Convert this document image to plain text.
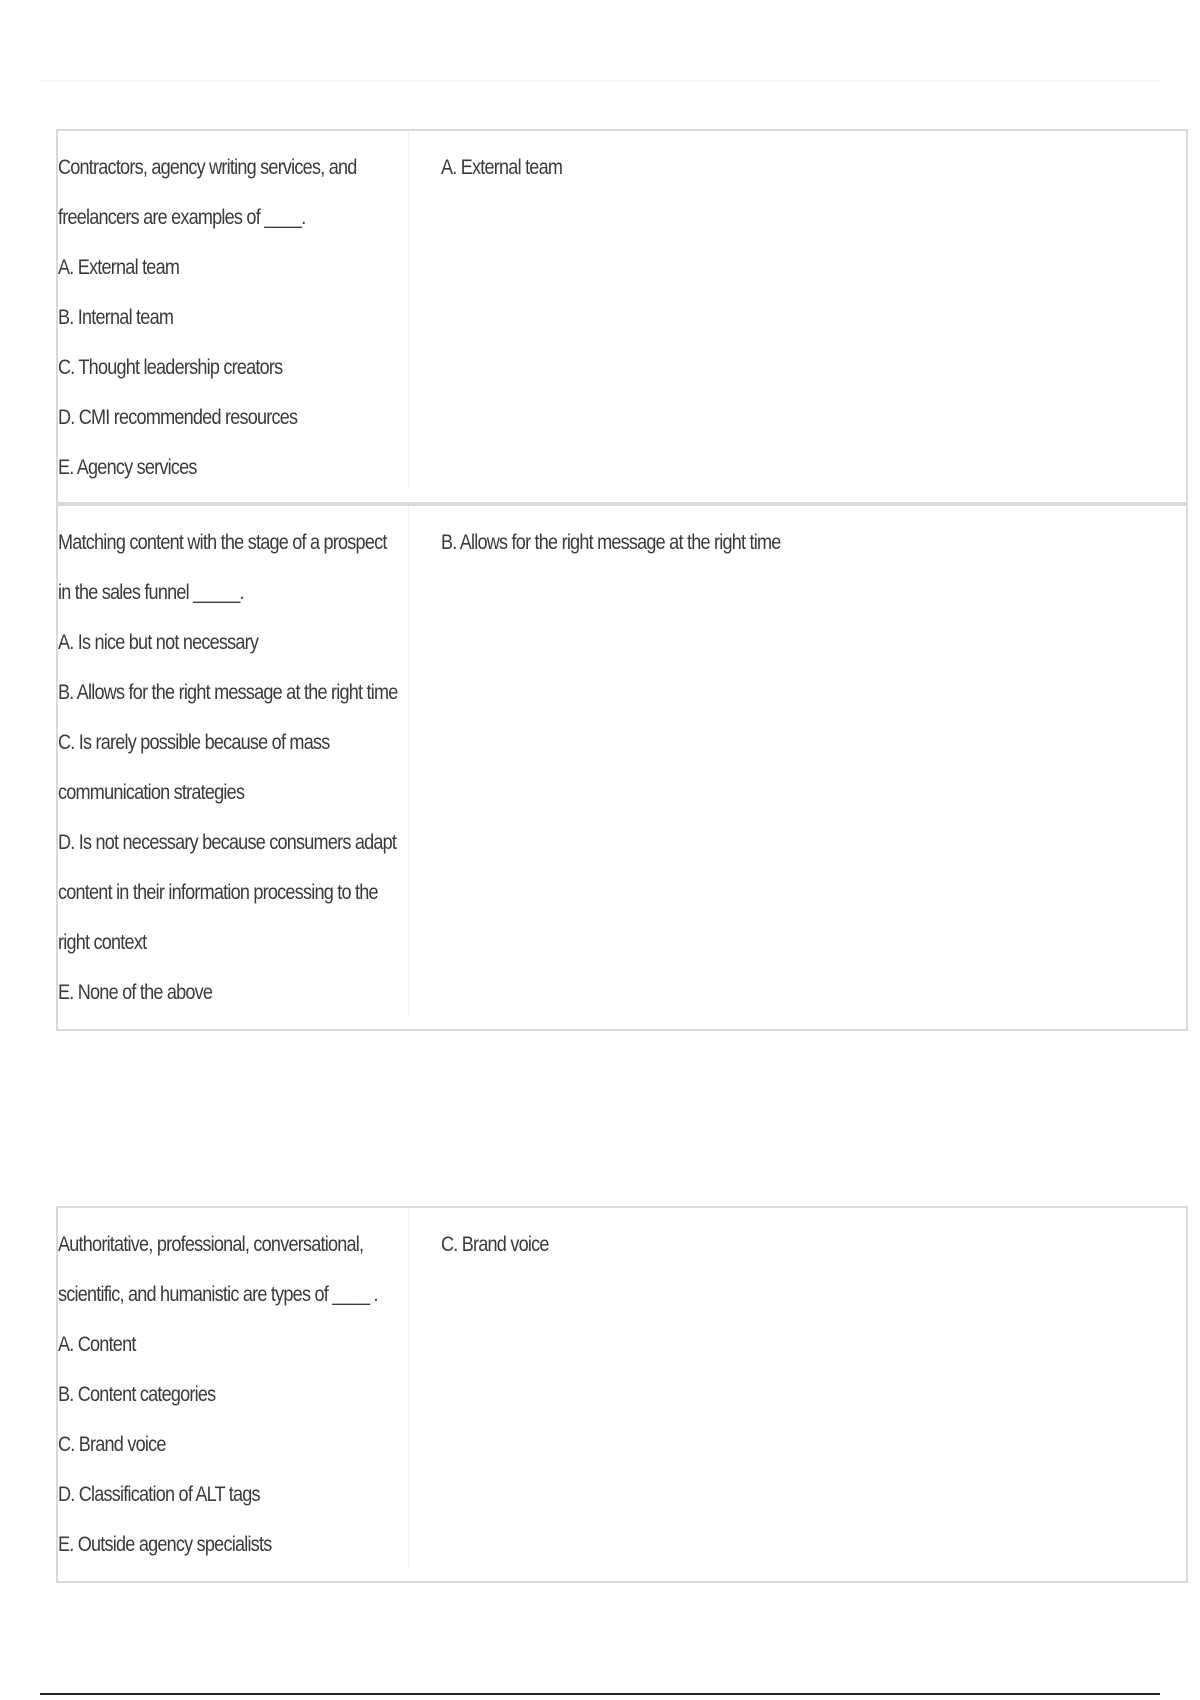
Contractors, agency writing services, and
freelancers are examples of ____.
A. External team
B. Internal team
C. Thought leadership creators
D. CMI recommended resources
E. Agency services
A. External team
Matching content with the stage of a prospect
in the sales funnel _____.
A. Is nice but not necessary
B. Allows for the right message at the right time
C. Is rarely possible because of mass
communication strategies
D. Is not necessary because consumers adapt
content in their information processing to the
right context
E. None of the above
B. Allows for the right message at the right time
Authoritative, professional, conversational,
scientific, and humanistic are types of ____ .
A. Content
B. Content categories
C. Brand voice
D. Classification of ALT tags
E. Outside agency specialists
C. Brand voice
